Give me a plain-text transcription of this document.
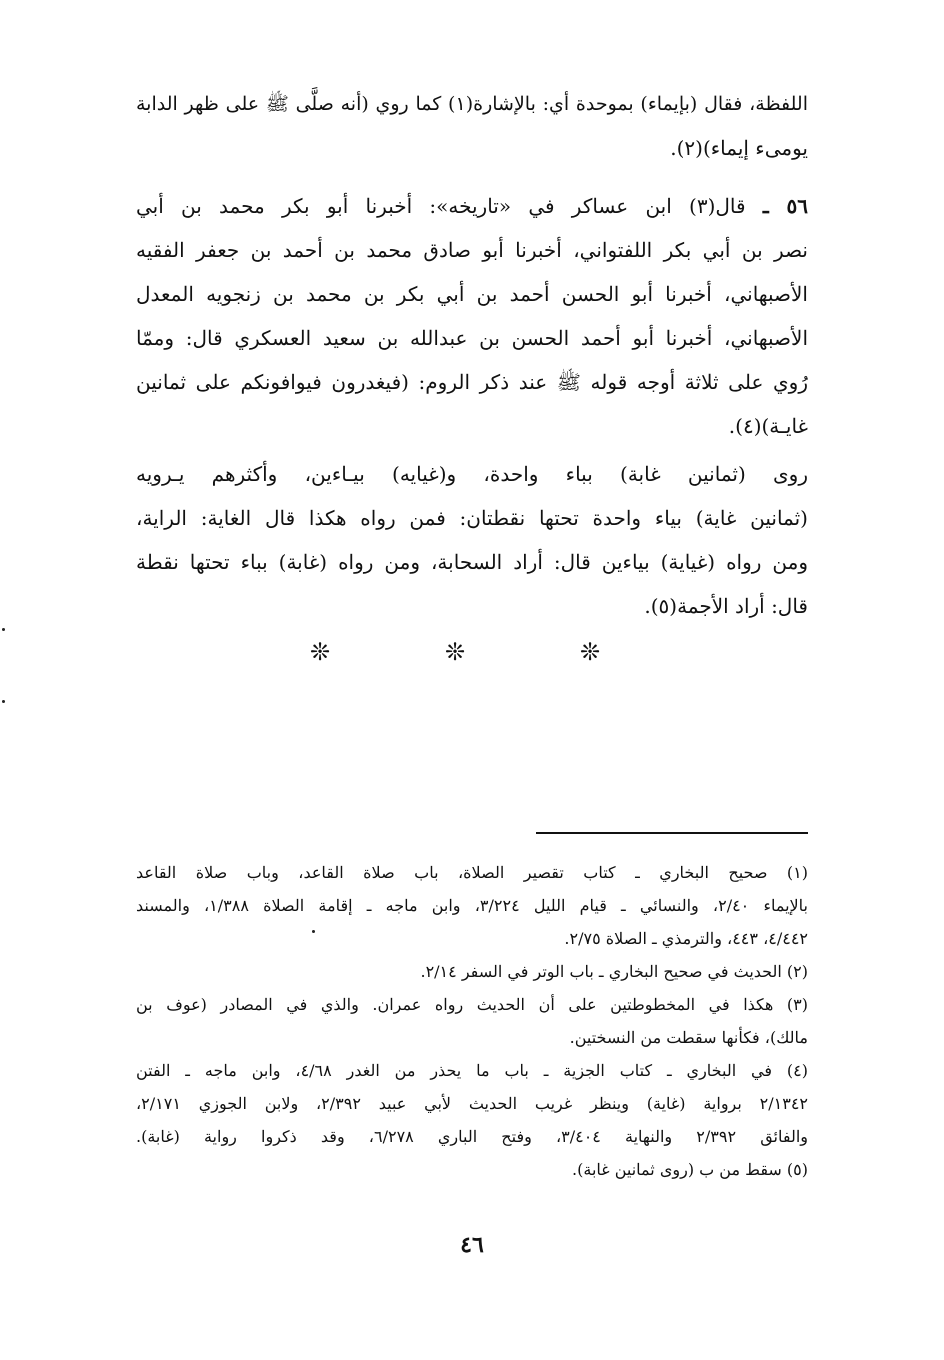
اللفظة، فقال (بإيماء) بموحدة أي: بالإشارة(١) كما روي (أنه صلَّى ﷺ على ظهر الدابة
يومىء إيماء)(٢).
٥٦ ـ قال(٣) ابن عساكر في «تاريخه»: أخبرنا أبو بكر محمد بن أبي
نصر بن أبي بكر اللفتواني، أخبرنا أبو صادق محمد بن أحمد بن جعفر الفقيه
الأصبهاني، أخبرنا أبو الحسن أحمد بن أبي بكر بن محمد بن زنجويه المعدل
الأصبهاني، أخبرنا أبو أحمد الحسن بن عبدالله بن سعيد العسكري قال: وممّا
رُوي على ثلاثة أوجه قوله ﷺ عند ذكر الروم: (فيغدرون فيوافونكم على ثمانين
غايـة)(٤).
روى (ثمانين غابة) بباء واحدة، و(غيايه) بيـاءين، وأكثرهم يـرويه
(ثمانين غاية) بياء واحدة تحتها نقطتان: فمن رواه هكذا قال الغاية: الراية،
ومن رواه (غياية) بياءين قال: أراد السحابة، ومن رواه (غابة) بباء تحتها نقطة
قال: أراد الأجمة(٥).
❊	❊	❊
(١) صحيح البخاري ـ كتاب تقصير الصلاة، باب صلاة القاعد، وباب صلاة القاعد
بالإيماء ٢/٤٠، والنسائي ـ قيام الليل ٣/٢٢٤، وابن ماجه ـ إقامة الصلاة ١/٣٨٨، والمسند
٤/٤٤٢، ٤٤٣، والترمذي ـ الصلاة ٢/٧٥.
(٢) الحديث في صحيح البخاري ـ باب الوتر في السفر ٢/١٤.
(٣) هكذا في المخطوطتين على أن الحديث رواه عمران. والذي في المصادر (عوف بن
مالك)، فكأنها سقطت من النسختين.
(٤) في البخاري ـ كتاب الجزية ـ باب ما يحذر من الغدر ٤/٦٨، وابن ماجه ـ الفتن
٢/١٣٤٢ برواية (غاية) وينظر غريب الحديث لأبي عبيد ٢/٣٩٢، ولابن الجوزي ٢/١٧١،
والفائق ٢/٣٩٢ والنهاية ٣/٤٠٤، وفتح الباري ٦/٢٧٨، وقد ذكروا رواية (غابة).
(٥) سقط من ب (روى ثمانين غابة).
٤٦
